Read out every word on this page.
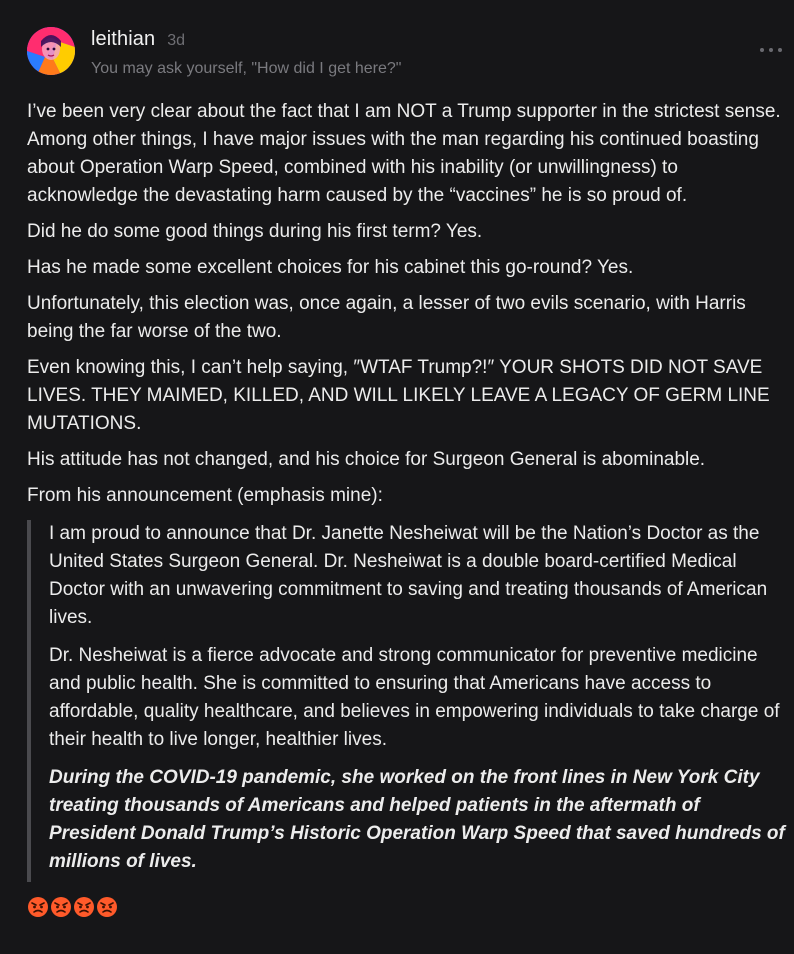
leithian 3d
You may ask yourself, "How did I get here?"

I’ve been very clear about the fact that I am NOT a Trump supporter in the strictest sense. Among other things, I have major issues with the man regarding his continued boasting about Operation Warp Speed, combined with his inability (or unwillingness) to acknowledge the devastating harm caused by the “vaccines” he is so proud of.

Did he do some good things during his first term? Yes.

Has he made some excellent choices for his cabinet this go-round? Yes.

Unfortunately, this election was, once again, a lesser of two evils scenario, with Harris being the far worse of the two.

Even knowing this, I can’t help saying, ″WTAF Trump?!″ YOUR SHOTS DID NOT SAVE LIVES. THEY MAIMED, KILLED, AND WILL LIKELY LEAVE A LEGACY OF GERM LINE MUTATIONS.

His attitude has not changed, and his choice for Surgeon General is abominable.

From his announcement (emphasis mine):

I am proud to announce that Dr. Janette Nesheiwat will be the Nation’s Doctor as the United States Surgeon General. Dr. Nesheiwat is a double board-certified Medical Doctor with an unwavering commitment to saving and treating thousands of American lives.

Dr. Nesheiwat is a fierce advocate and strong communicator for preventive medicine and public health. She is committed to ensuring that Americans have access to affordable, quality healthcare, and believes in empowering individuals to take charge of their health to live longer, healthier lives.

During the COVID-19 pandemic, she worked on the front lines in New York City treating thousands of Americans and helped patients in the aftermath of President Donald Trump’s Historic Operation Warp Speed that saved hundreds of millions of lives.
